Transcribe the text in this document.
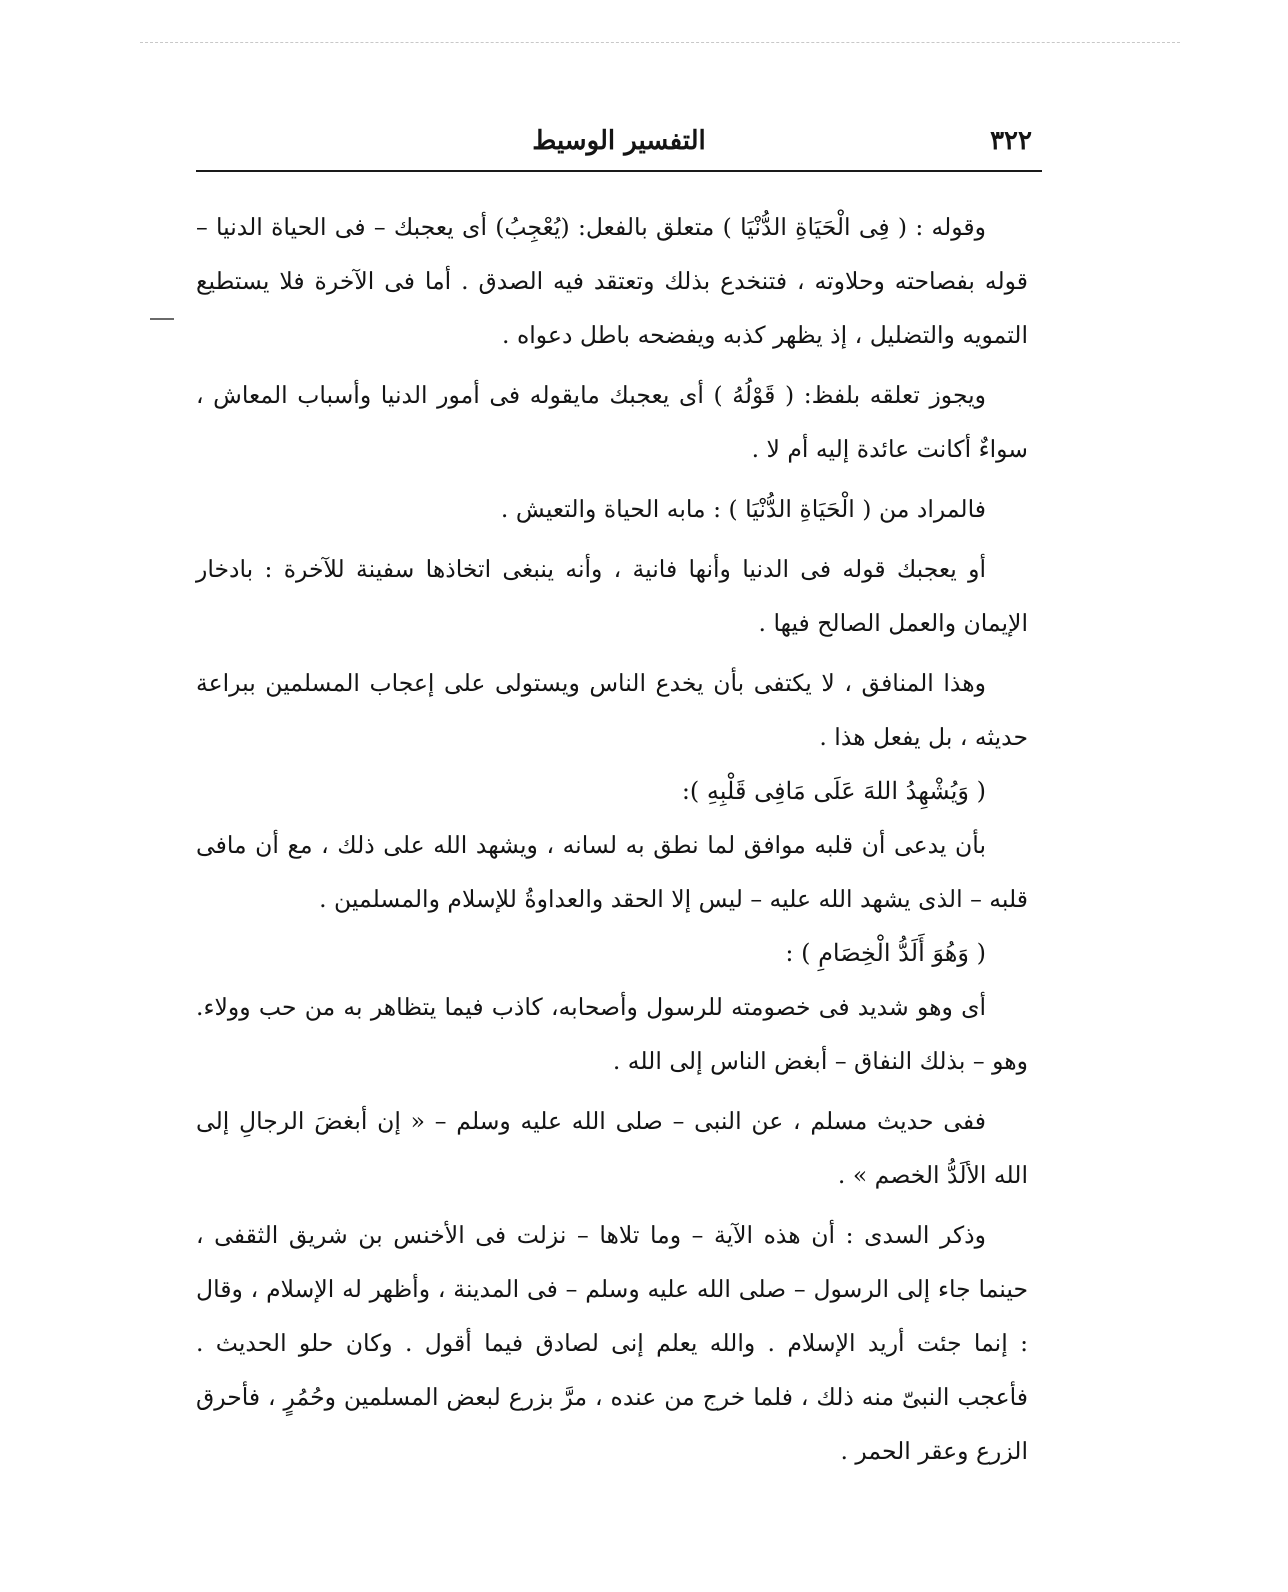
٣٢٢
التفسير الوسيط

وقوله : ( فِى الْحَيَاةِ الدُّنْيَا ) متعلق بالفعل: (يُعْجِبُ) أى يعجبك – فى الحياة الدنيا – قوله بفصاحته وحلاوته ، فتنخدع بذلك وتعتقد فيه الصدق . أما فى الآخرة فلا يستطيع التمويه والتضليل ، إذ يظهر كذبه ويفضحه باطل دعواه .

ويجوز تعلقه بلفظ: ( قَوْلُهُ ) أى يعجبك مايقوله فى أمور الدنيا وأسباب المعاش ، سواءٌ أكانت عائدة إليه أم لا .

فالمراد من ( الْحَيَاةِ الدُّنْيَا ) : مابه الحياة والتعيش .

أو يعجبك قوله فى الدنيا وأنها فانية ، وأنه ينبغى اتخاذها سفينة للآخرة : بادخار الإيمان والعمل الصالح فيها .

وهذا المنافق ، لا يكتفى بأن يخدع الناس ويستولى على إعجاب المسلمين ببراعة حديثه ، بل يفعل هذا .

( وَيُشْهِدُ اللهَ عَلَى مَافِى قَلْبِهِ ):

بأن يدعى أن قلبه موافق لما نطق به لسانه ، ويشهد الله على ذلك ، مع أن مافى قلبه – الذى يشهد الله عليه – ليس إلا الحقد والعداوةُ للإسلام والمسلمين .

( وَهُوَ أَلَدُّ الْخِصَامِ ) :

أى وهو شديد فى خصومته للرسول وأصحابه، كاذب فيما يتظاهر به من حب وولاء. وهو – بذلك النفاق – أبغض الناس إلى الله .

ففى حديث مسلم ، عن النبى – صلى الله عليه وسلم – « إن أبغضَ الرجالِ إلى الله الألَدُّ الخصم » .

وذكر السدى : أن هذه الآية – وما تلاها – نزلت فى الأخنس بن شريق الثقفى ، حينما جاء إلى الرسول – صلى الله عليه وسلم – فى المدينة ، وأظهر له الإسلام ، وقال : إنما جئت أريد الإسلام . والله يعلم إنى لصادق فيما أقول . وكان حلو الحديث . فأعجب النبىّ منه ذلك ، فلما خرج من عنده ، مرَّ بزرع لبعض المسلمين وحُمُرٍ ، فأحرق الزرع وعقر الحمر .
